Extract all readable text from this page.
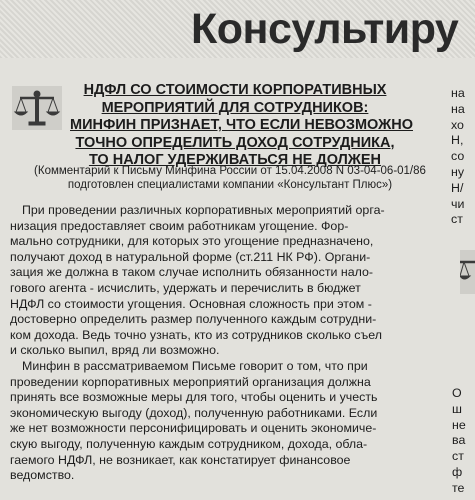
Консультиру
НДФЛ СО СТОИМОСТИ КОРПОРАТИВНЫХ
МЕРОПРИЯТИЙ ДЛЯ СОТРУДНИКОВ:
МИНФИН ПРИЗНАЕТ, ЧТО ЕСЛИ НЕВОЗМОЖНО
ТОЧНО ОПРЕДЕЛИТЬ ДОХОД СОТРУДНИКА,
ТО НАЛОГ УДЕРЖИВАТЬСЯ НЕ ДОЛЖЕН
(Комментарий к Письму Минфина России от 15.04.2008 N 03-04-06-01/86
подготовлен специалистами компании «Консультант Плюс»)
При проведении различных корпоративных мероприятий орга-
низация предоставляет своим работникам угощение. Фор-
мально сотрудники, для которых это угощение предназначено,
получают доход в натуральной форме (ст.211 НК РФ). Органи-
зация же должна в таком случае исполнить обязанности нало-
гового агента - исчислить, удержать и перечислить в бюджет
НДФЛ со стоимости угощения. Основная сложность при этом -
достоверно определить размер полученного каждым сотрудни-
ком дохода. Ведь точно узнать, кто из сотрудников сколько съел
и сколько выпил, вряд ли возможно.
Минфин в рассматриваемом Письме говорит о том, что при
проведении корпоративных мероприятий организация должна
принять все возможные меры для того, чтобы оценить и учесть
экономическую выгоду (доход), полученную работниками. Если
же нет возможности персонифицировать и оценить экономиче-
скую выгоду, полученную каждым сотрудником, дохода, обла-
гаемого НДФЛ, не возникает, как констатирует финансовое
ведомство.
на
на
хо
Н,
со
ну
Н/
чи
ст
О
ш
не
ва
ст
ф
те
